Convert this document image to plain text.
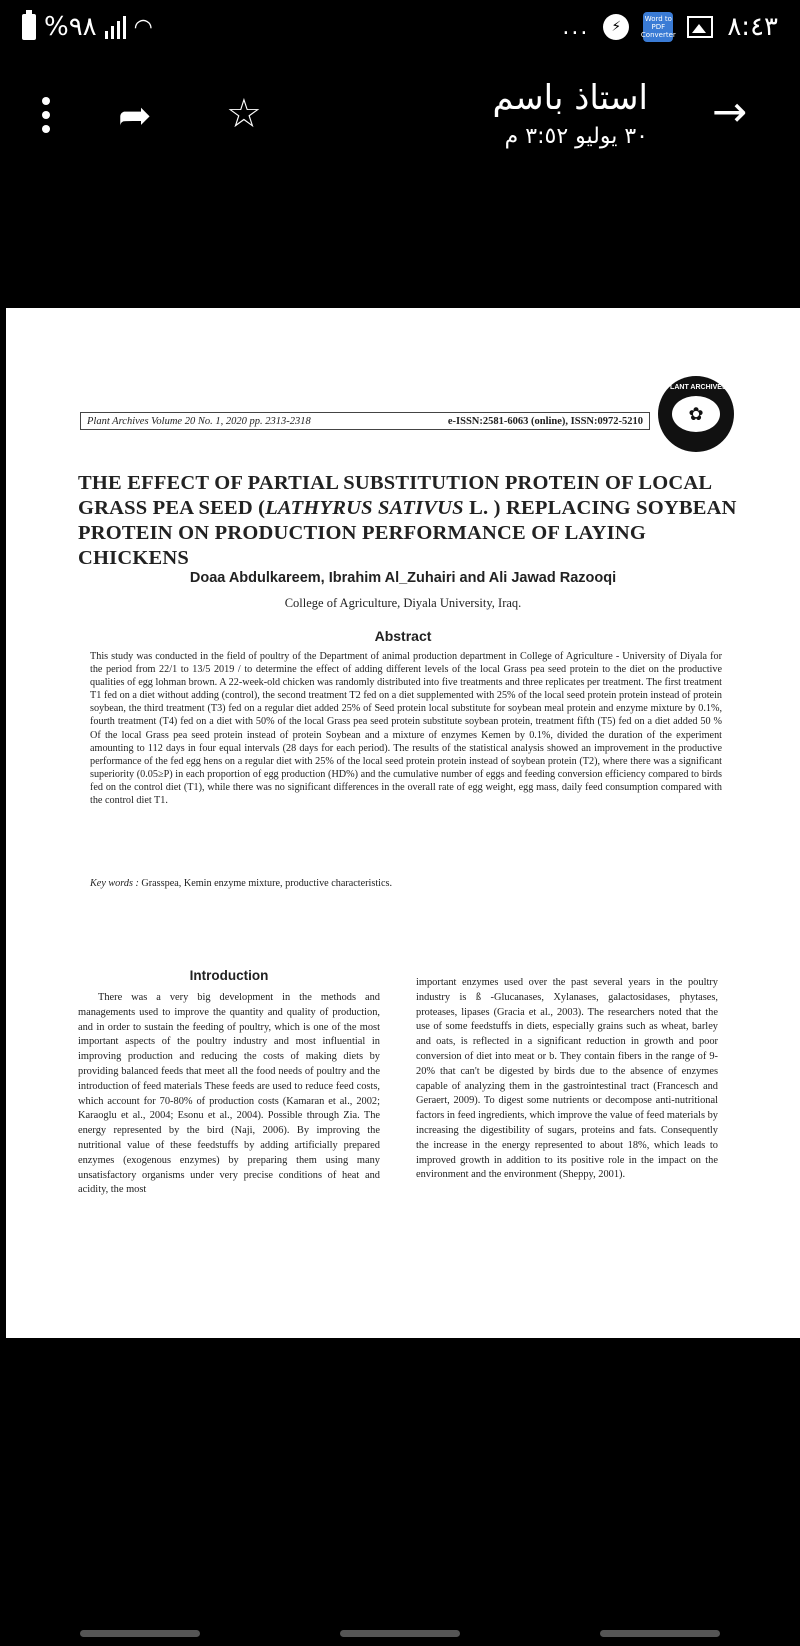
%٩٨ ◠	...	⚡	Word to PDF Converter ٨:٤٣
➦ ☆	استاذ باسم
٣٠ يوليو ٣:٥٢ م
→
Plant Archives Volume 20 No. 1, 2020 pp. 2313-2318	e-ISSN:2581-6063 (online), ISSN:0972-5210
PLANT ARCHIVES
✿
THE EFFECT OF PARTIAL SUBSTITUTION PROTEIN OF LOCAL GRASS PEA SEED (LATHYRUS SATIVUS L. ) REPLACING SOYBEAN PROTEIN ON PRODUCTION PERFORMANCE OF LAYING CHICKENS
Doaa Abdulkareem, Ibrahim Al_Zuhairi and Ali Jawad Razooqi
College of Agriculture, Diyala University, Iraq.
Abstract
This study was conducted in the field of poultry of the Department of animal production department in College of Agriculture - University of Diyala for the period from 22/1 to 13/5 2019 / to determine the effect of adding different levels of the local Grass pea seed protein to the diet on the productive qualities of egg lohman brown. A 22-week-old chicken was randomly distributed into five treatments and three replicates per treatment. The first treatment T1 fed on a diet without adding (control), the second treatment T2 fed on a diet supplemented with 25% of the local seed protein protein instead of protein soybean, the third treatment (T3) fed on a regular diet added 25% of Seed protein local substitute for soybean meal protein and enzyme mixture by 0.1%, fourth treatment (T4) fed on a diet with 50% of the local Grass pea seed protein substitute soybean protein, treatment fifth (T5) fed on a diet added 50 % Of the local Grass pea seed protein instead of protein Soybean and a mixture of enzymes Kemen by 0.1%, divided the duration of the experiment amounting to 112 days in four equal intervals (28 days for each period). The results of the statistical analysis showed an improvement in the productive performance of the fed egg hens on a regular diet with 25% of the local seed protein protein instead of soybean protein (T2), where there was a significant superiority (0.05≥P) in each proportion of egg production (HD%) and the cumulative number of eggs and feeding conversion efficiency compared to birds fed on the control diet (T1), while there was no significant differences in the overall rate of egg weight, egg mass, daily feed consumption compared with the control diet T1.
Key words : Grasspea, Kemin enzyme mixture, productive characteristics.
Introduction
There was a very big development in the methods and managements used to improve the quantity and quality of production, and in order to sustain the feeding of poultry, which is one of the most important aspects of the poultry industry and most influential in improving production and reducing the costs of making diets by providing balanced feeds that meet all the food needs of poultry and the introduction of feed materials These feeds are used to reduce feed costs, which account for 70-80% of production costs (Kamaran et al., 2002; Karaoglu et al., 2004; Esonu et al., 2004). Possible through Zia. The energy represented by the bird (Naji, 2006). By improving the nutritional value of these feedstuffs by adding artificially prepared enzymes (exogenous enzymes) by preparing them using many unsatisfactory organisms under very precise conditions of heat and acidity, the most
important enzymes used over the past several years in the poultry industry is ß -Glucanases, Xylanases, galactosidases, phytases, proteases, lipases (Gracia et al., 2003). The researchers noted that the use of some feedstuffs in diets, especially grains such as wheat, barley and oats, is reflected in a significant reduction in growth and poor conversion of diet into meat or b. They contain fibers in the range of 9-20% that can't be digested by birds due to the absence of enzymes capable of analyzing them in the gastrointestinal tract (Francesch and Geraert, 2009). To digest some nutrients or decompose anti-nutritional factors in feed ingredients, which improve the value of feed materials by increasing the digestibility of sugars, proteins and fats. Consequently the increase in the energy represented to about 18%, which leads to improved growth in addition to its positive role in the impact on the environment and the environment (Sheppy, 2001).
